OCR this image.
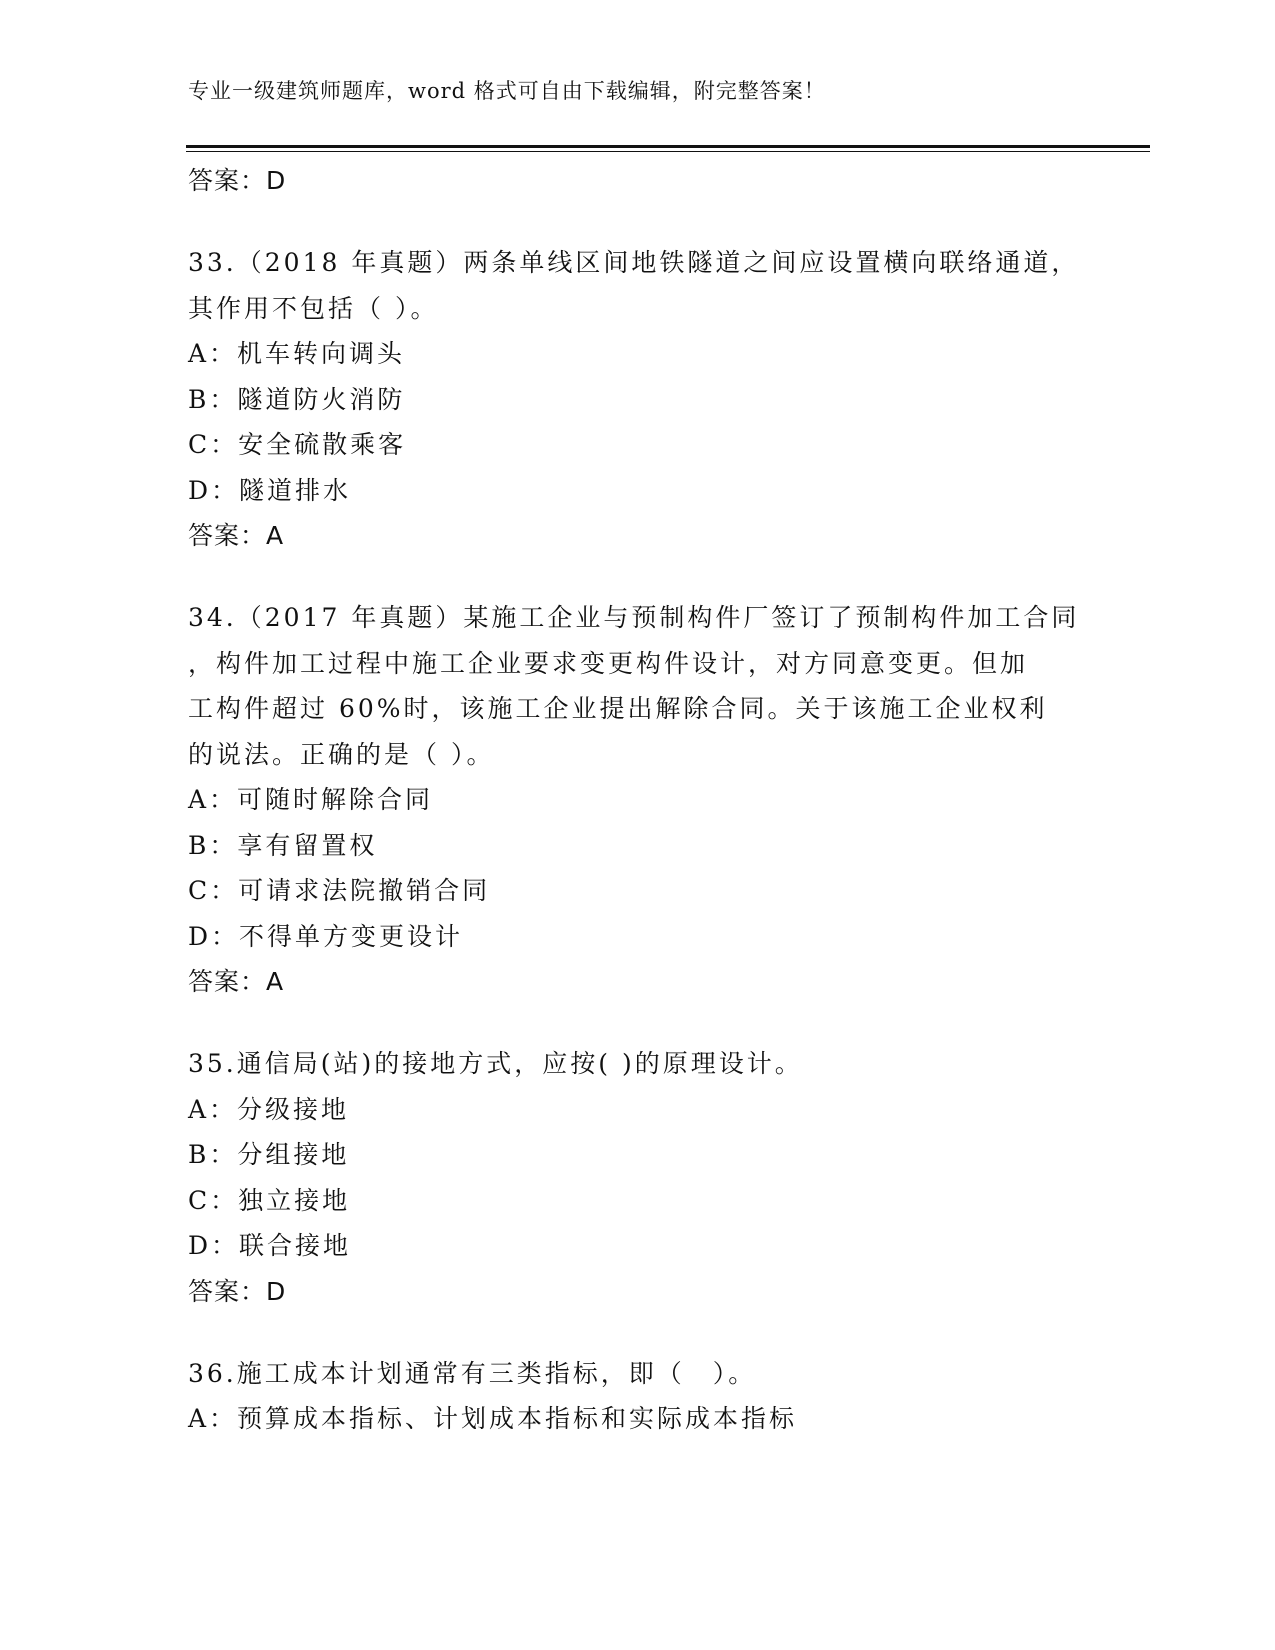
专业一级建筑师题库，word 格式可自由下载编辑，附完整答案！
答案：D
33.（2018 年真题）两条单线区间地铁隧道之间应设置横向联络通道，
其作用不包括（ ）。
A：机车转向调头
B：隧道防火消防
C：安全硫散乘客
D：隧道排水
答案：A
34.（2017 年真题）某施工企业与预制构件厂签订了预制构件加工合同
，构件加工过程中施工企业要求变更构件设计，对方同意变更。但加
工构件超过 60%时，该施工企业提出解除合同。关于该施工企业权利
的说法。正确的是（ ）。
A：可随时解除合同
B：享有留置权
C：可请求法院撤销合同
D：不得单方变更设计
答案：A
35.通信局(站)的接地方式，应按( )的原理设计。
A：分级接地
B：分组接地
C：独立接地
D：联合接地
答案：D
36.施工成本计划通常有三类指标，即（　）。
A：预算成本指标、计划成本指标和实际成本指标
